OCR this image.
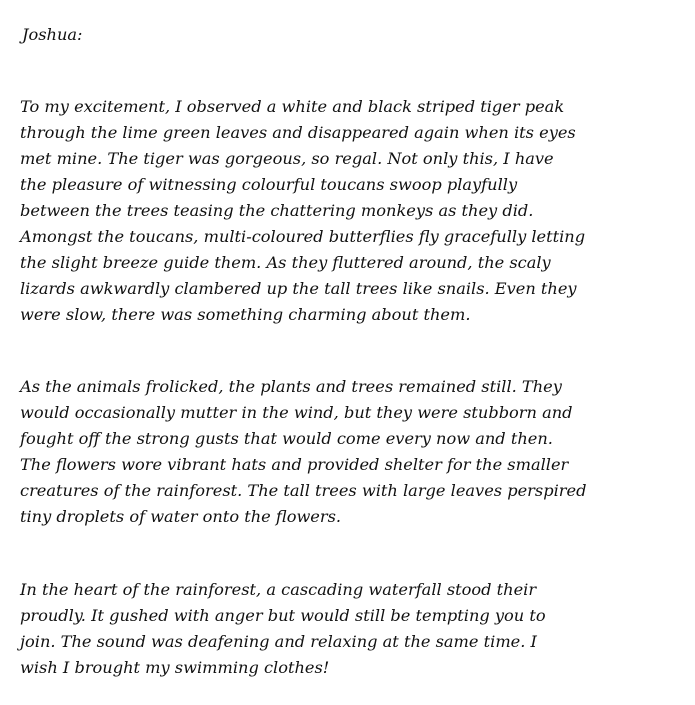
Joshua:

To my excitement, I observed a white and black striped tiger peak
through the lime green leaves and disappeared again when its eyes
met mine. The tiger was gorgeous, so regal. Not only this, I have
the pleasure of witnessing colourful toucans swoop playfully
between the trees teasing the chattering monkeys as they did.
Amongst the toucans, multi-coloured butterflies fly gracefully letting
the slight breeze guide them. As they fluttered around, the scaly
lizards awkwardly clambered up the tall trees like snails. Even they
were slow, there was something charming about them.

As the animals frolicked, the plants and trees remained still. They
would occasionally mutter in the wind, but they were stubborn and
fought off the strong gusts that would come every now and then.
The flowers wore vibrant hats and provided shelter for the smaller
creatures of the rainforest. The tall trees with large leaves perspired
tiny droplets of water onto the flowers.

In the heart of the rainforest, a cascading waterfall stood their
proudly. It gushed with anger but would still be tempting you to
join. The sound was deafening and relaxing at the same time. I
wish I brought my swimming clothes!
